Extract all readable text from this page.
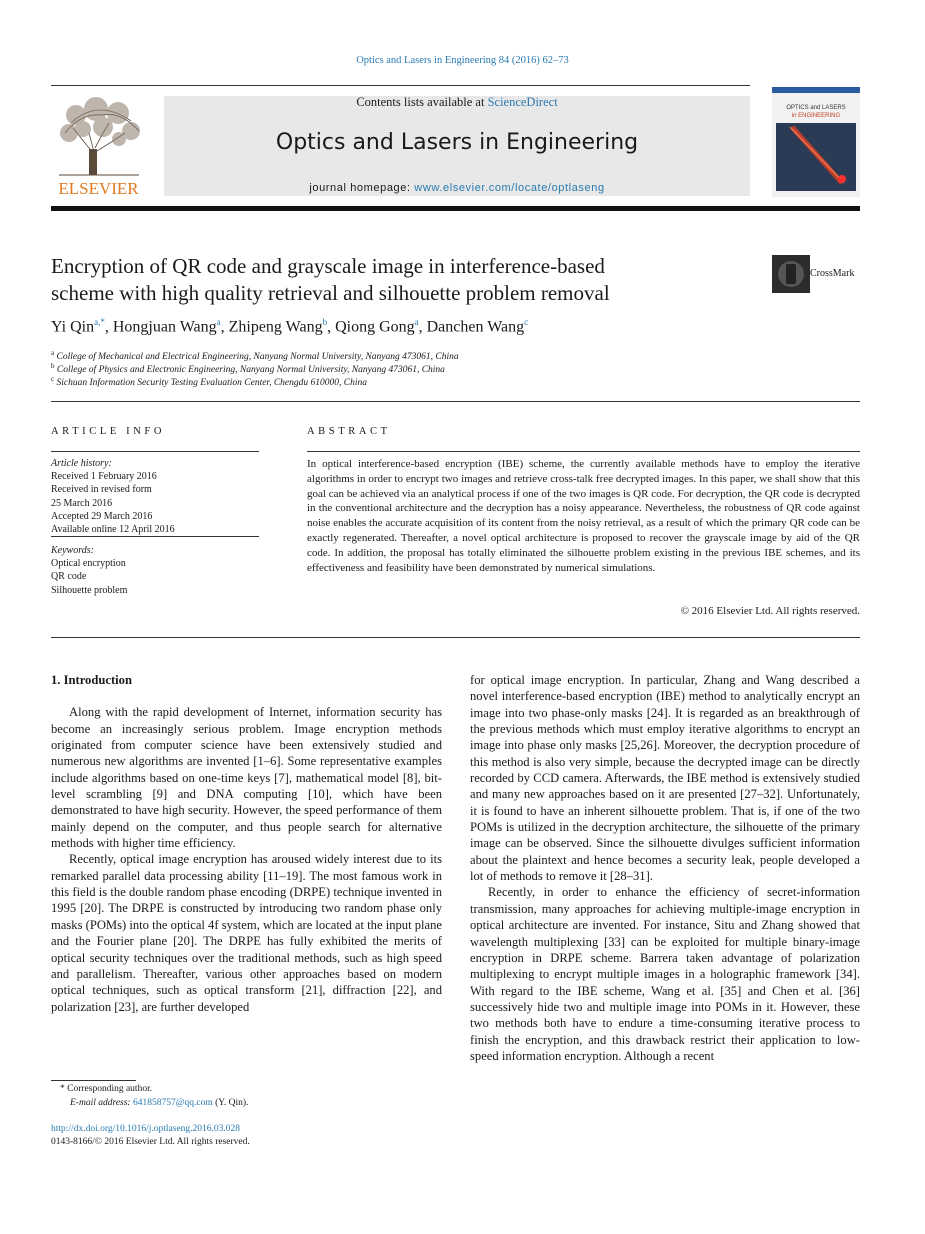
Optics and Lasers in Engineering 84 (2016) 62–73
ELSEVIER
Contents lists available at ScienceDirect
Optics and Lasers in Engineering
journal homepage: www.elsevier.com/locate/optlaseng
OPTICS and LASERS
in ENGINEERING
Encryption of QR code and grayscale image in interference-based
scheme with high quality retrieval and silhouette problem removal
CrossMark
Yi Qin$^{a,*}$, Hongjuan Wang$^a$, Zhipeng Wang$^b$, Qiong Gong$^a$, Danchen Wang$^c$
$^a$ College of Mechanical and Electrical Engineering, Nanyang Normal University, Nanyang 473061, China
$^b$ College of Physics and Electronic Engineering, Nanyang Normal University, Nanyang 473061, China
$^c$ Sichuan Information Security Testing Evaluation Center, Chengdu 610000, China
ARTICLE INFO
Article history:
Received 1 February 2016
Received in revised form
25 March 2016
Accepted 29 March 2016
Available online 12 April 2016
Keywords:
Optical encryption
QR code
Silhouette problem
ABSTRACT
In optical interference-based encryption (IBE) scheme, the currently available methods have to employ the iterative algorithms in order to encrypt two images and retrieve cross-talk free decrypted images. In this paper, we shall show that this goal can be achieved via an analytical process if one of the two images is QR code. For decryption, the QR code is decrypted in the conventional architecture and the decryption has a noisy appearance. Nevertheless, the robustness of QR code against noise enables the accurate acquisition of its content from the noisy retrieval, as a result of which the primary QR code can be exactly regenerated. Thereafter, a novel optical architecture is proposed to recover the grayscale image by aid of the QR code. In addition, the proposal has totally eliminated the silhouette problem existing in the previous IBE schemes, and its effectiveness and feasibility have been demonstrated by numerical simulations.
© 2016 Elsevier Ltd. All rights reserved.
1. Introduction

Along with the rapid development of Internet, information security has become an increasingly serious problem. Image encryption methods originated from computer science have been extensively studied and numerous new algorithms are invented [1–6]. Some representative examples include algorithms based on one-time keys [7], mathematical model [8], bit-level scrambling [9] and DNA computing [10], which have been demonstrated to have high security. However, the speed performance of them mainly depend on the computer, and thus people search for alternative methods with higher time efficiency.

Recently, optical image encryption has aroused widely interest due to its remarked parallel data processing ability [11–19]. The most famous work in this field is the double random phase encoding (DRPE) technique invented in 1995 [20]. The DRPE is constructed by introducing two random phase only masks (POMs) into the optical 4f system, which are located at the input plane and the Fourier plane [20]. The DRPE has fully exhibited the merits of optical security techniques over the traditional methods, such as high speed and parallelism. Thereafter, various other approaches based on modern optical techniques, such as optical transform [21], diffraction [22], and polarization [23], are further developed

for optical image encryption. In particular, Zhang and Wang described a novel interference-based encryption (IBE) method to analytically encrypt an image into two phase-only masks [24]. It is regarded as an breakthrough of the previous methods which must employ iterative algorithms to encrypt an image into phase only masks [25,26]. Moreover, the decryption procedure of this method is also very simple, because the decrypted image can be directly recorded by CCD camera. Afterwards, the IBE method is extensively studied and many new approaches based on it are presented [27–32]. Unfortunately, it is found to have an inherent silhouette problem. That is, if one of the two POMs is utilized in the decryption architecture, the silhouette of the primary image can be observed. Since the silhouette divulges sufficient information about the plaintext and hence becomes a security leak, people developed a lot of methods to remove it [28–31].

Recently, in order to enhance the efficiency of secret-information transmission, many approaches for achieving multiple-image encryption in optical architecture are invented. For instance, Situ and Zhang showed that wavelength multiplexing [33] can be exploited for multiple binary-image encryption in DRPE scheme. Barrera taken advantage of polarization multiplexing to encrypt multiple images in a holographic framework [34]. With regard to the IBE scheme, Wang et al. [35] and Chen et al. [36] successively hide two and multiple image into POMs in it. However, these two methods both have to endure a time-consuming iterative process to finish the encryption, and this drawback restrict their application to low-speed information encryption. Although a recent

* Corresponding author.
E-mail address: 641858757@qq.com (Y. Qin).
http://dx.doi.org/10.1016/j.optlaseng.2016.03.028
0143-8166/© 2016 Elsevier Ltd. All rights reserved.
